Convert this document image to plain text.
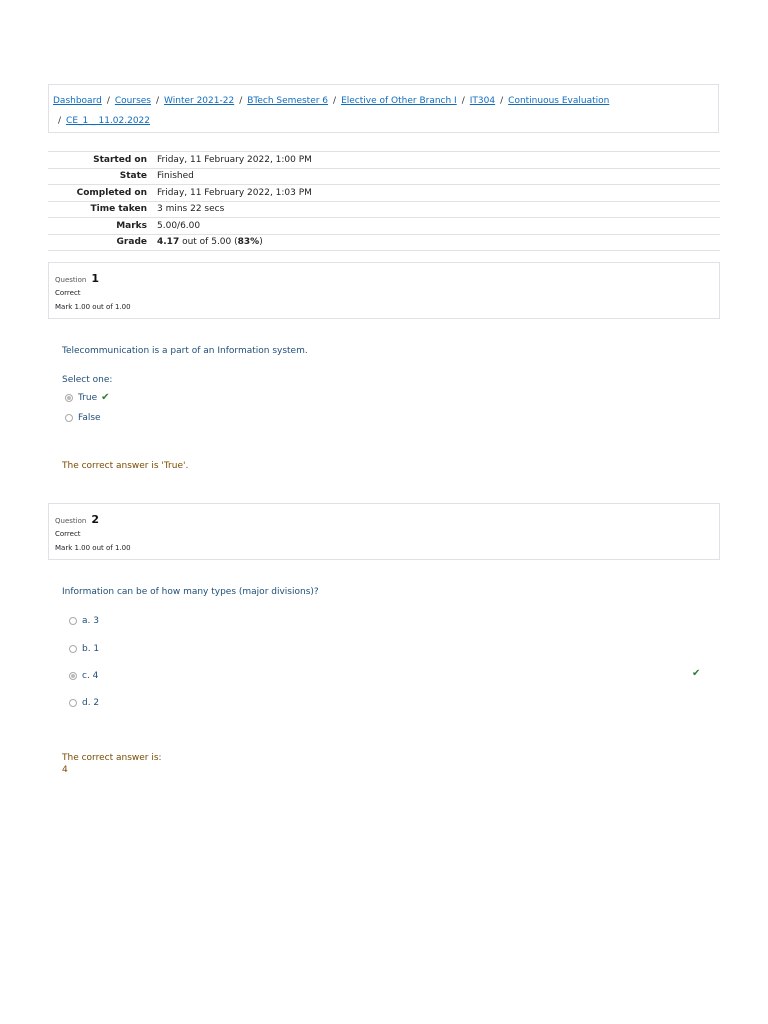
Dashboard / Courses / Winter 2021-22 / BTech Semester 6 / Elective of Other Branch I / IT304 / Continuous Evaluation
/ CE_1 _ 11.02.2022
Started on	Friday, 11 February 2022, 1:00 PM
State	Finished
Completed on	Friday, 11 February 2022, 1:03 PM
Time taken	3 mins 22 secs
Marks	5.00/6.00
Grade	4.17 out of 5.00 (83%)
Question 1
Correct
Mark 1.00 out of 1.00
Telecommunication is a part of an Information system.
Select one:
True ✔
False
The correct answer is 'True'.
Question 2
Correct
Mark 1.00 out of 1.00
Information can be of how many types (major divisions)?
a. 3
b. 1
c. 4	✔
d. 2
The correct answer is:
4
